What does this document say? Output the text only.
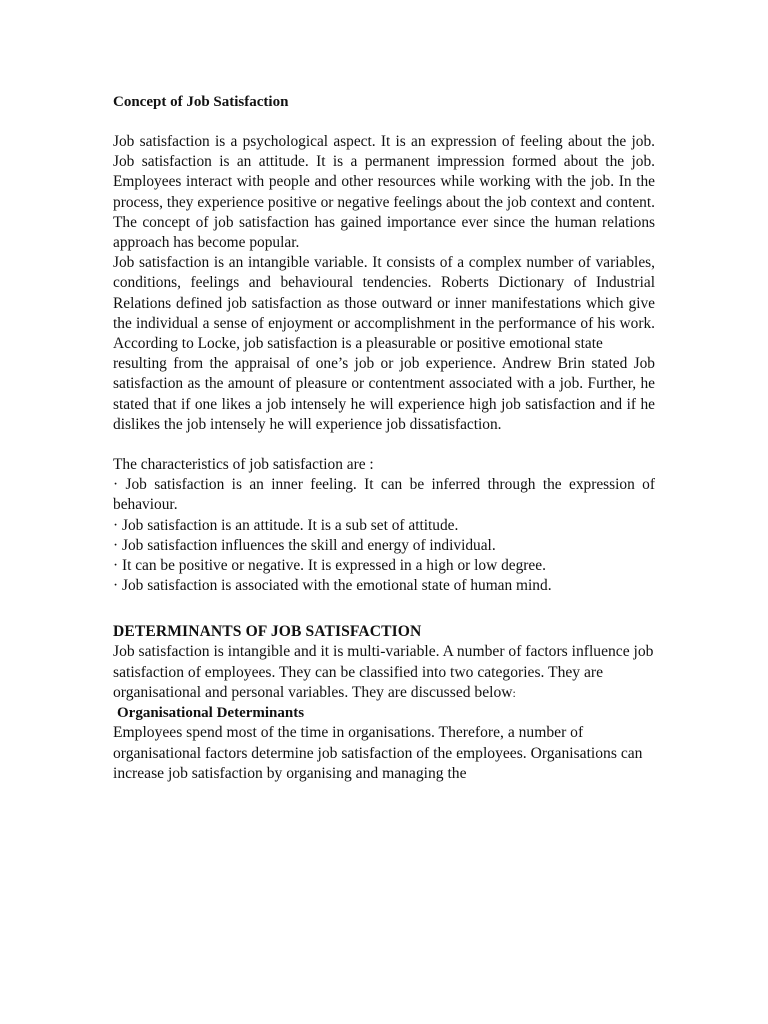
Concept of Job Satisfaction

Job satisfaction is a psychological aspect. It is an expression of feeling about the job. Job satisfaction is an attitude. It is a permanent impression formed about the job. Employees interact with people and other resources while working with the job. In the process, they experience positive or negative feelings about the job context and content. The concept of job satisfaction has gained importance ever since the human relations approach has become popular.

Job satisfaction is an intangible variable. It consists of a complex number of variables, conditions, feelings and behavioural tendencies. Roberts Dictionary of Industrial Relations defined job satisfaction as those outward or inner manifestations which give the individual a sense of enjoyment or accomplishment in the performance of his work. According to Locke, job satisfaction is a pleasurable or positive emotional state

resulting from the appraisal of one’s job or job experience. Andrew Brin stated Job satisfaction as the amount of pleasure or contentment associated with a job. Further, he stated that if one likes a job intensely he will experience high job satisfaction and if he dislikes the job intensely he will experience job dissatisfaction.

The characteristics of job satisfaction are :

· Job satisfaction is an inner feeling. It can be inferred through the expression of behaviour.

· Job satisfaction is an attitude. It is a sub set of attitude.

· Job satisfaction influences the skill and energy of individual.

· It can be positive or negative. It is expressed in a high or low degree.

· Job satisfaction is associated with the emotional state of human mind.

DETERMINANTS OF JOB SATISFACTION

Job satisfaction is intangible and it is multi-variable. A number of factors influence job satisfaction of employees. They can be classified into two categories. They are organisational and personal variables. They are discussed below:

Organisational Determinants

Employees spend most of the time in organisations. Therefore, a number of organisational factors determine job satisfaction of the employees. Organisations can increase job satisfaction by organising and managing the
